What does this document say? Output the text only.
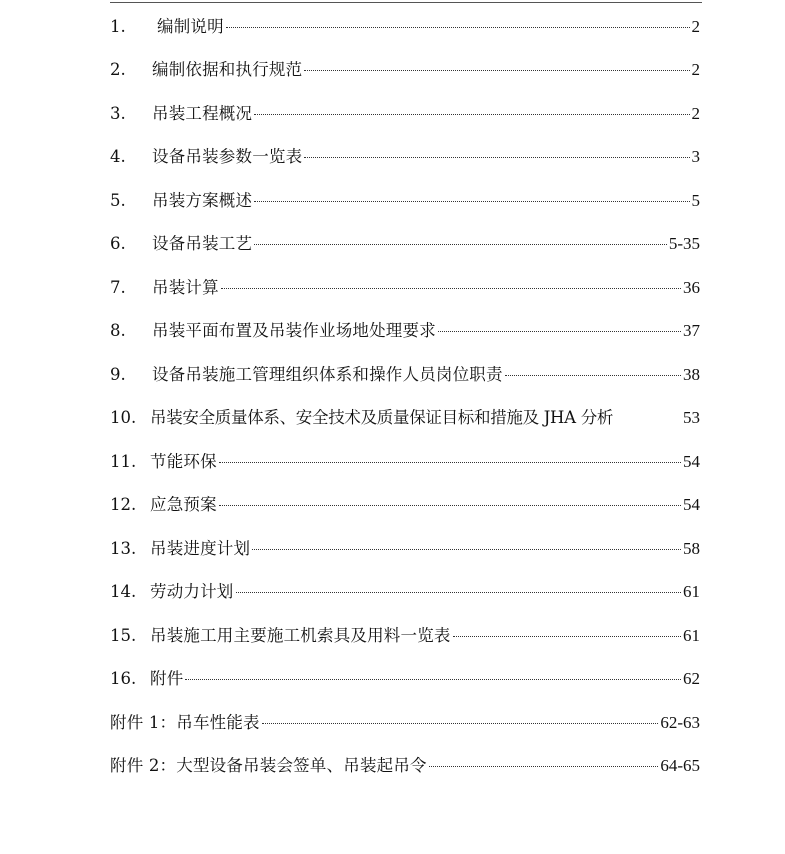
1.	编制说明	2
2.	编制依据和执行规范	2
3.	吊装工程概况	2
4.	设备吊装参数一览表	3
5.	吊装方案概述	5
6.	设备吊装工艺	5-35
7.	吊装计算	36
8.	吊装平面布置及吊装作业场地处理要求	37
9.	设备吊装施工管理组织体系和操作人员岗位职责	38
10. 吊装安全质量体系、安全技术及质量保证目标和措施及 JHA 分析	53
11. 节能环保	54
12. 应急预案	54
13. 吊装进度计划	58
14. 劳动力计划	61
15. 吊装施工用主要施工机索具及用料一览表	61
16. 附件	62
附件 1：吊车性能表	62-63
附件 2：大型设备吊装会签单、吊装起吊令	64-65
